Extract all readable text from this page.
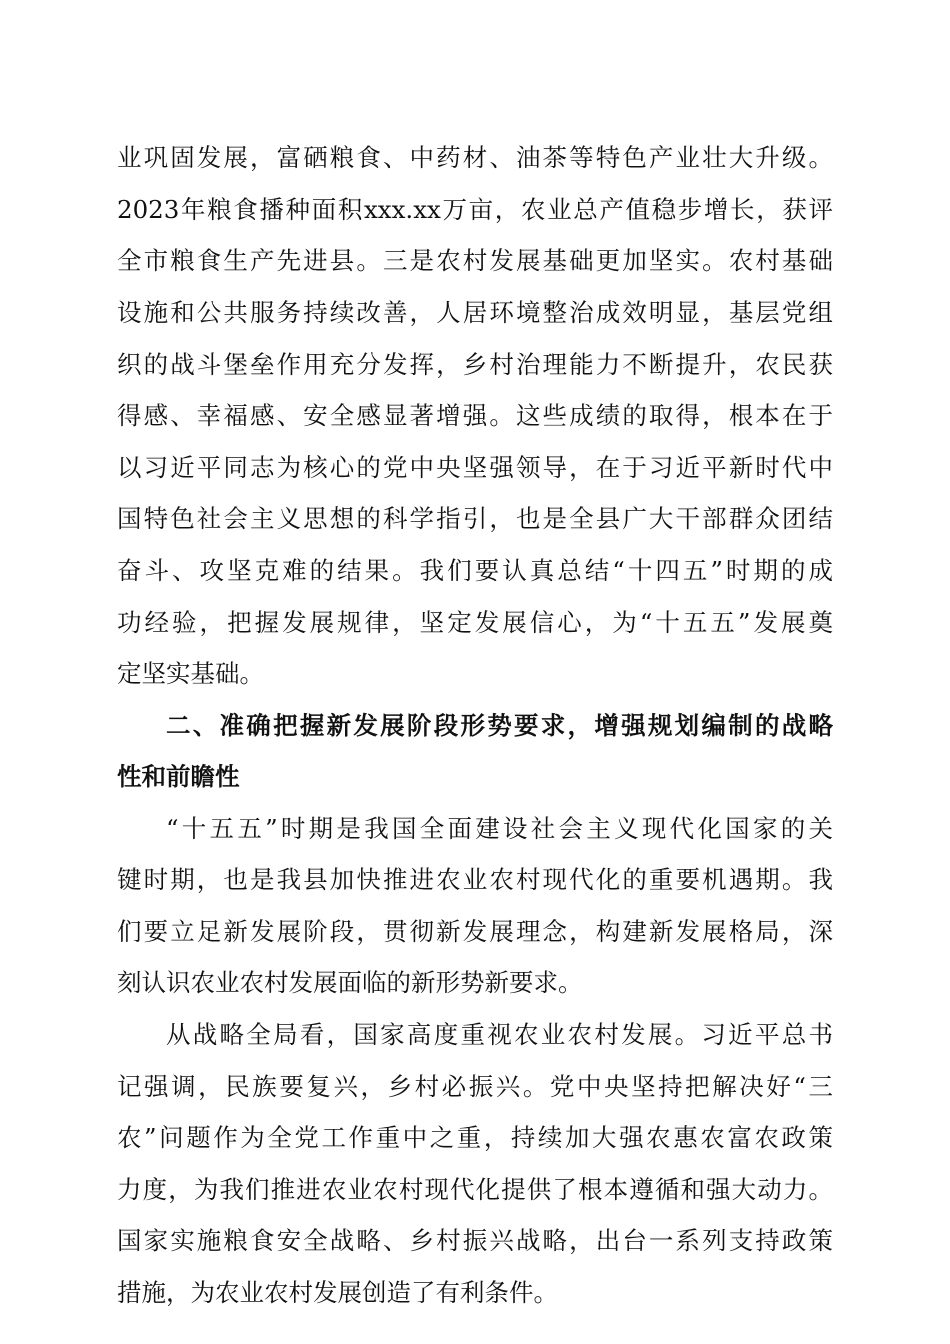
业巩固发展，富硒粮食、中药材、油茶等特色产业壮大升级。
2023年粮食播种面积xxx.xx万亩，农业总产值稳步增长，获评
全市粮食生产先进县。三是农村发展基础更加坚实。农村基础
设施和公共服务持续改善，人居环境整治成效明显，基层党组
织的战斗堡垒作用充分发挥，乡村治理能力不断提升，农民获
得感、幸福感、安全感显著增强。这些成绩的取得，根本在于
以习近平同志为核心的党中央坚强领导，在于习近平新时代中
国特色社会主义思想的科学指引，也是全县广大干部群众团结
奋斗、攻坚克难的结果。我们要认真总结“十四五”时期的成
功经验，把握发展规律，坚定发展信心，为“十五五”发展奠
定坚实基础。
二、准确把握新发展阶段形势要求，增强规划编制的战略
性和前瞻性
“十五五”时期是我国全面建设社会主义现代化国家的关
键时期，也是我县加快推进农业农村现代化的重要机遇期。我
们要立足新发展阶段，贯彻新发展理念，构建新发展格局，深
刻认识农业农村发展面临的新形势新要求。
从战略全局看，国家高度重视农业农村发展。习近平总书
记强调，民族要复兴，乡村必振兴。党中央坚持把解决好“三
农”问题作为全党工作重中之重，持续加大强农惠农富农政策
力度，为我们推进农业农村现代化提供了根本遵循和强大动力。
国家实施粮食安全战略、乡村振兴战略，出台一系列支持政策
措施，为农业农村发展创造了有利条件。
